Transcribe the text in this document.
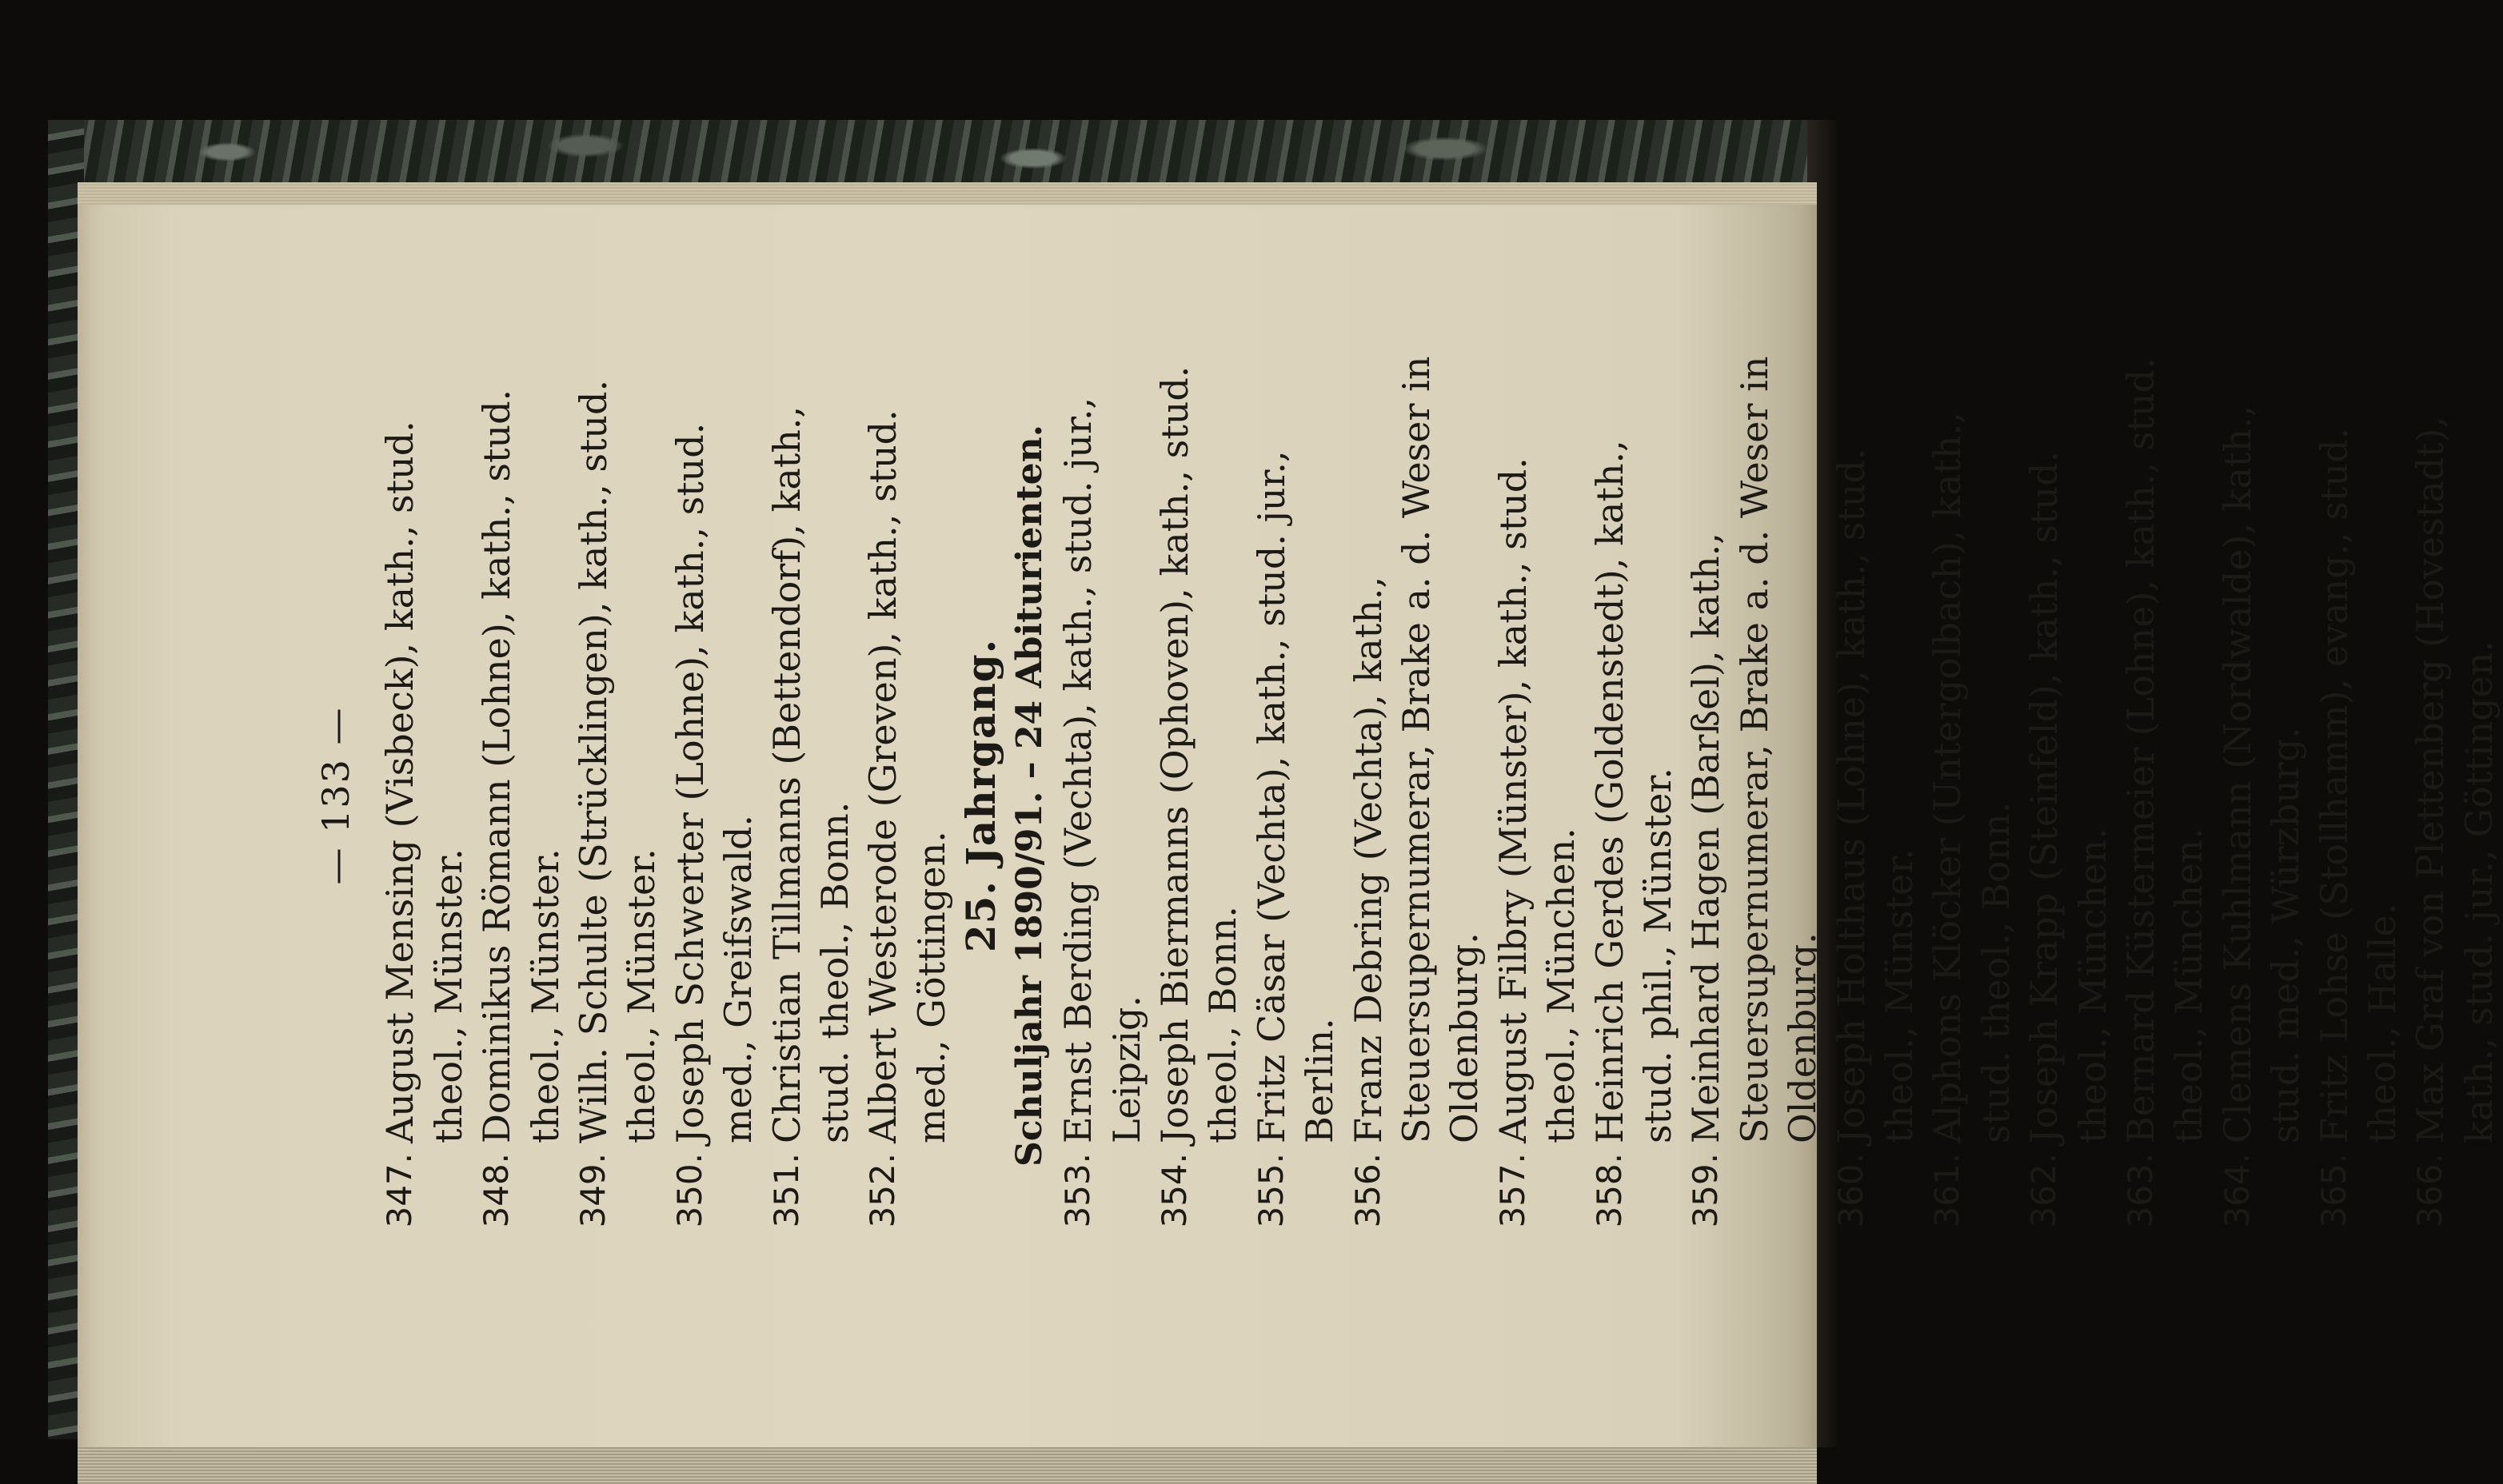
— 133 —
347.
August Mensing (Visbeck), kath., stud. theol., Münster.
348.
Dominikus Römann (Lohne), kath., stud. theol., Münster.
349.
Wilh. Schulte (Strücklingen), kath., stud. theol., Münster.
350.
Joseph Schwerter (Lohne), kath., stud. med., Greifswald.
351.
Christian Tillmanns (Bettendorf), kath., stud. theol., Bonn.
352.
Albert Westerode (Greven), kath., stud. med., Göttingen.
25. Jahrgang. Schuljahr 1890/91. – 24 Abiturienten.
353.
Ernst Berding (Vechta), kath., stud. jur., Leipzig.
354.
Joseph Biermanns (Ophoven), kath., stud. theol., Bonn.
355.
Fritz Cäsar (Vechta), kath., stud. jur., Berlin.
356.
Franz Debring (Vechta), kath., Steuersupernumerar, Brake a. d. Weser in Oldenburg.
357.
August Filbry (Münster), kath., stud. theol., München.
358.
Heinrich Gerdes (Goldenstedt), kath., stud. phil., Münster.
359.
Meinhard Hagen (Barßel), kath., Steuersupernumerar, Brake a. d. Weser in Oldenburg.
360.
Joseph Holthaus (Lohne), kath., stud. theol., Münster.
361.
Alphons Klöcker (Untergolbach), kath., stud. theol., Bonn.
362.
Joseph Krapp (Steinfeld), kath., stud. theol., München.
363.
Bernard Küstermeier (Lohne), kath., stud. theol., München.
364.
Clemens Kuhlmann (Nordwalde), kath., stud. med., Würzburg.
365.
Fritz Lohse (Stollhamm), evang., stud. theol., Halle.
366.
Max Graf von Plettenberg (Hovestadt), kath., stud. jur., Göttingen.
